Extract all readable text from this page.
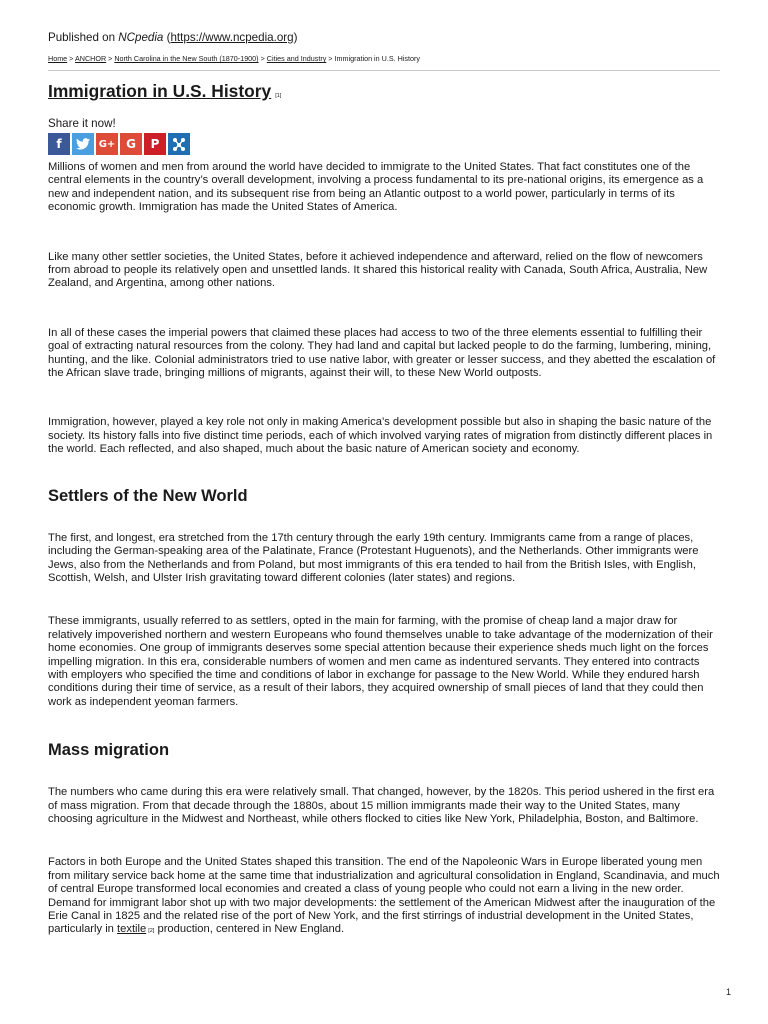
Published on NCpedia (https://www.ncpedia.org)
Home > ANCHOR > North Carolina in the New South (1870-1900) > Cities and Industry > Immigration in U.S. History
Immigration in U.S. History [1]
Share it now!
f	G+ G P

Millions of women and men from around the world have decided to immigrate to the United States. That fact constitutes one of the central elements in the country’s overall development, involving a process fundamental to its pre-national origins, its emergence as a new and independent nation, and its subsequent rise from being an Atlantic outpost to a world power, particularly in terms of its economic growth. Immigration has made the United States of America.

Like many other settler societies, the United States, before it achieved independence and afterward, relied on the flow of newcomers from abroad to people its relatively open and unsettled lands. It shared this historical reality with Canada, South Africa, Australia, New Zealand, and Argentina, among other nations.

In all of these cases the imperial powers that claimed these places had access to two of the three elements essential to fulfilling their goal of extracting natural resources from the colony. They had land and capital but lacked people to do the farming, lumbering, mining, hunting, and the like. Colonial administrators tried to use native labor, with greater or lesser success, and they abetted the escalation of the African slave trade, bringing millions of migrants, against their will, to these New World outposts.

Immigration, however, played a key role not only in making America’s development possible but also in shaping the basic nature of the society. Its history falls into five distinct time periods, each of which involved varying rates of migration from distinctly different places in the world. Each reflected, and also shaped, much about the basic nature of American society and economy.

Settlers of the New World

The first, and longest, era stretched from the 17th century through the early 19th century. Immigrants came from a range of places, including the German-speaking area of the Palatinate, France (Protestant Huguenots), and the Netherlands. Other immigrants were Jews, also from the Netherlands and from Poland, but most immigrants of this era tended to hail from the British Isles, with English, Scottish, Welsh, and Ulster Irish gravitating toward different colonies (later states) and regions.

These immigrants, usually referred to as settlers, opted in the main for farming, with the promise of cheap land a major draw for relatively impoverished northern and western Europeans who found themselves unable to take advantage of the modernization of their home economies. One group of immigrants deserves some special attention because their experience sheds much light on the forces impelling migration. In this era, considerable numbers of women and men came as indentured servants. They entered into contracts with employers who specified the time and conditions of labor in exchange for passage to the New World. While they endured harsh conditions during their time of service, as a result of their labors, they acquired ownership of small pieces of land that they could then work as independent yeoman farmers.

Mass migration

The numbers who came during this era were relatively small. That changed, however, by the 1820s. This period ushered in the first era of mass migration. From that decade through the 1880s, about 15 million immigrants made their way to the United States, many choosing agriculture in the Midwest and Northeast, while others flocked to cities like New York, Philadelphia, Boston, and Baltimore.

Factors in both Europe and the United States shaped this transition. The end of the Napoleonic Wars in Europe liberated young men from military service back home at the same time that industrialization and agricultural consolidation in England, Scandinavia, and much of central Europe transformed local economies and created a class of young people who could not earn a living in the new order. Demand for immigrant labor shot up with two major developments: the settlement of the American Midwest after the inauguration of the Erie Canal in 1825 and the related rise of the port of New York, and the first stirrings of industrial development in the United States, particularly in textile [2] production, centered in New England.

1
